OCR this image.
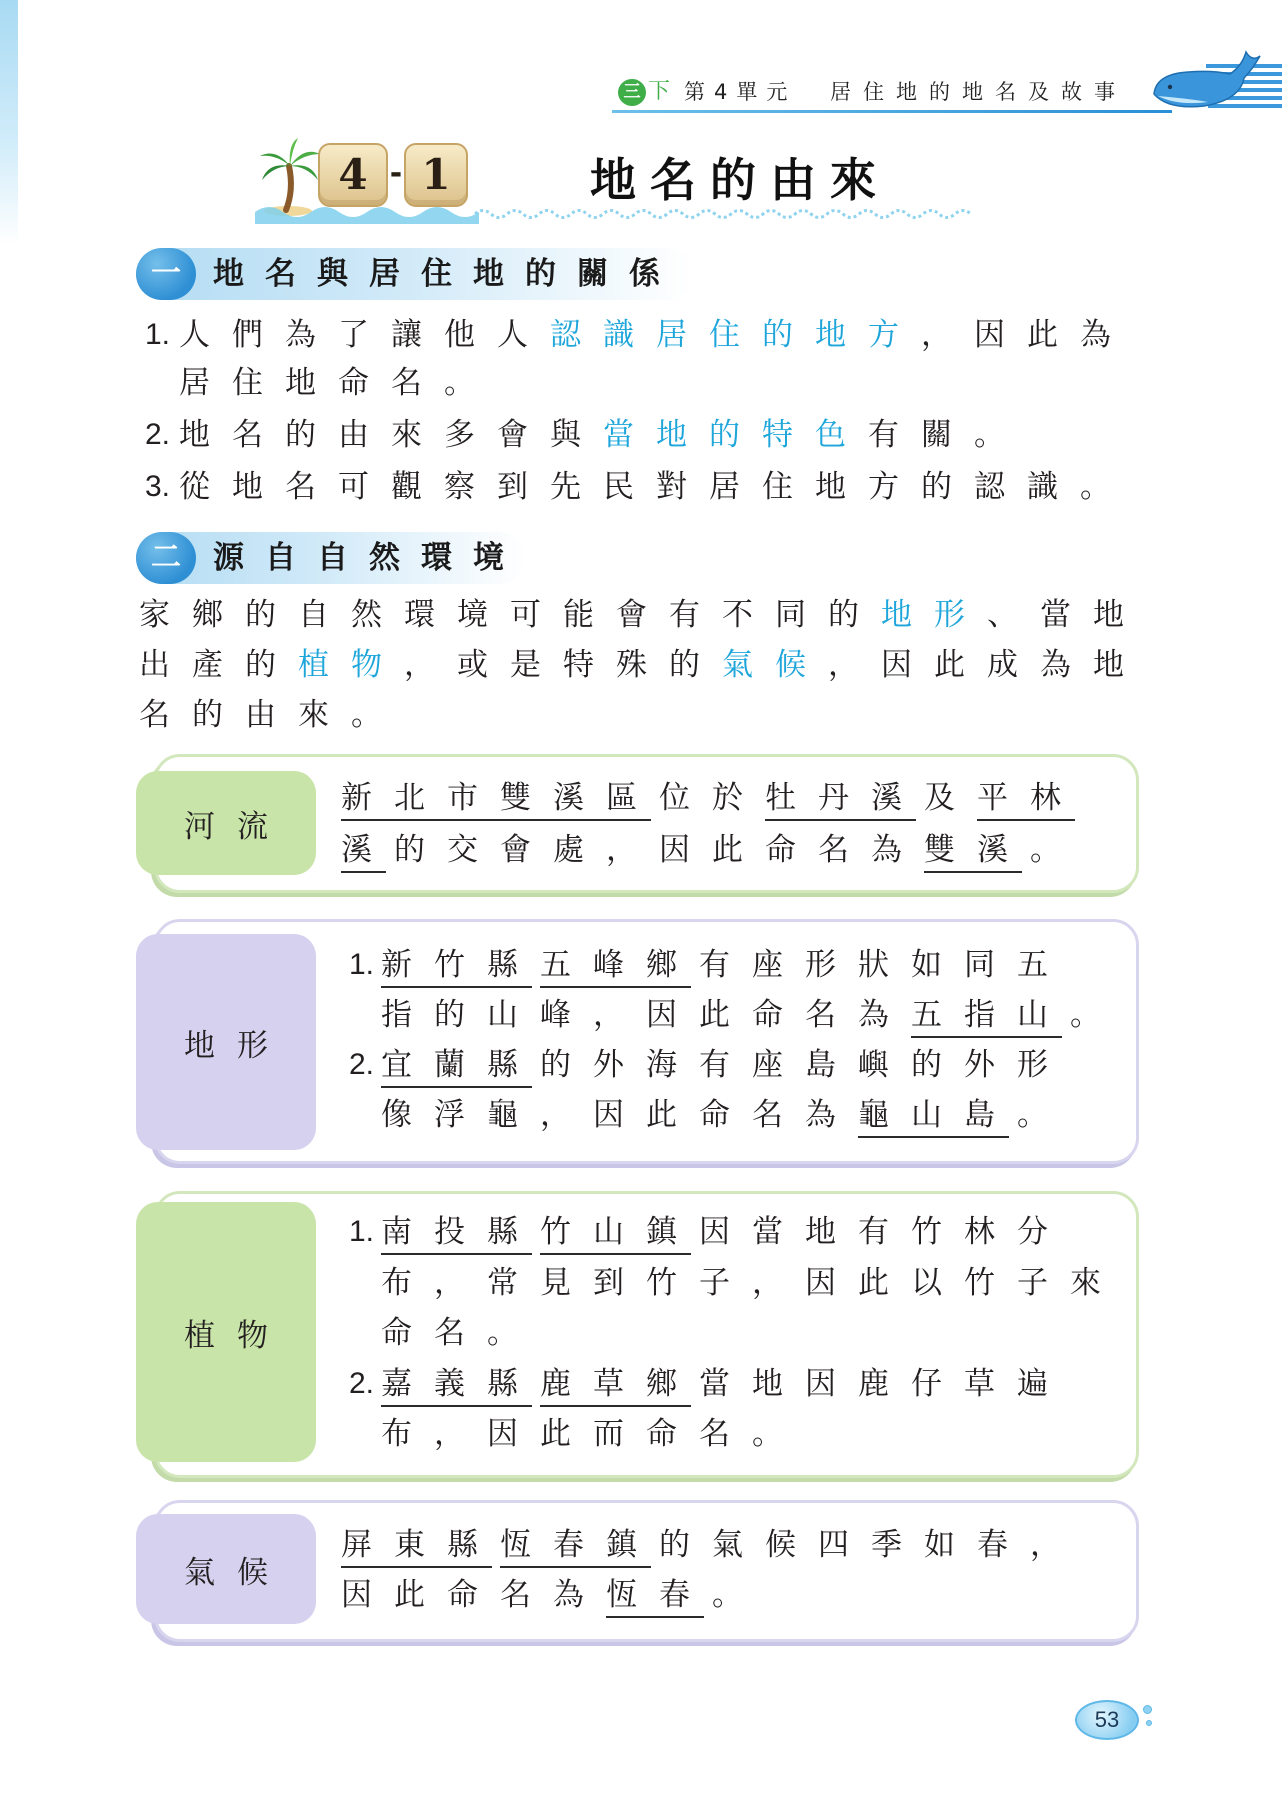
三 下 第4單元 居住地的地名及故事
4 - 1	地名的由來
一	地名與居住地的關係
1. 人們為了讓他人認識居住的地方，因此為
居住地命名。
2. 地名的由來多會與當地的特色有關。
3. 從地名可觀察到先民對居住地方的認識。
二	源自自然環境
家鄉的自然環境可能會有不同的地形、當地
出產的植物，或是特殊的氣候，因此成為地
名的由來。
河流
新北市雙溪區位於牡丹溪及平林
溪的交會處，因此命名為雙溪。
地形
1. 新竹縣五峰鄉有座形狀如同五
指的山峰，因此命名為五指山。
2. 宜蘭縣的外海有座島嶼的外形
像浮龜，因此命名為龜山島。
植物
1. 南投縣竹山鎮因當地有竹林分
布，常見到竹子，因此以竹子來
命名。
2. 嘉義縣鹿草鄉當地因鹿仔草遍
布，因此而命名。
氣候
屏東縣恆春鎮的氣候四季如春，
因此命名為恆春。
53
